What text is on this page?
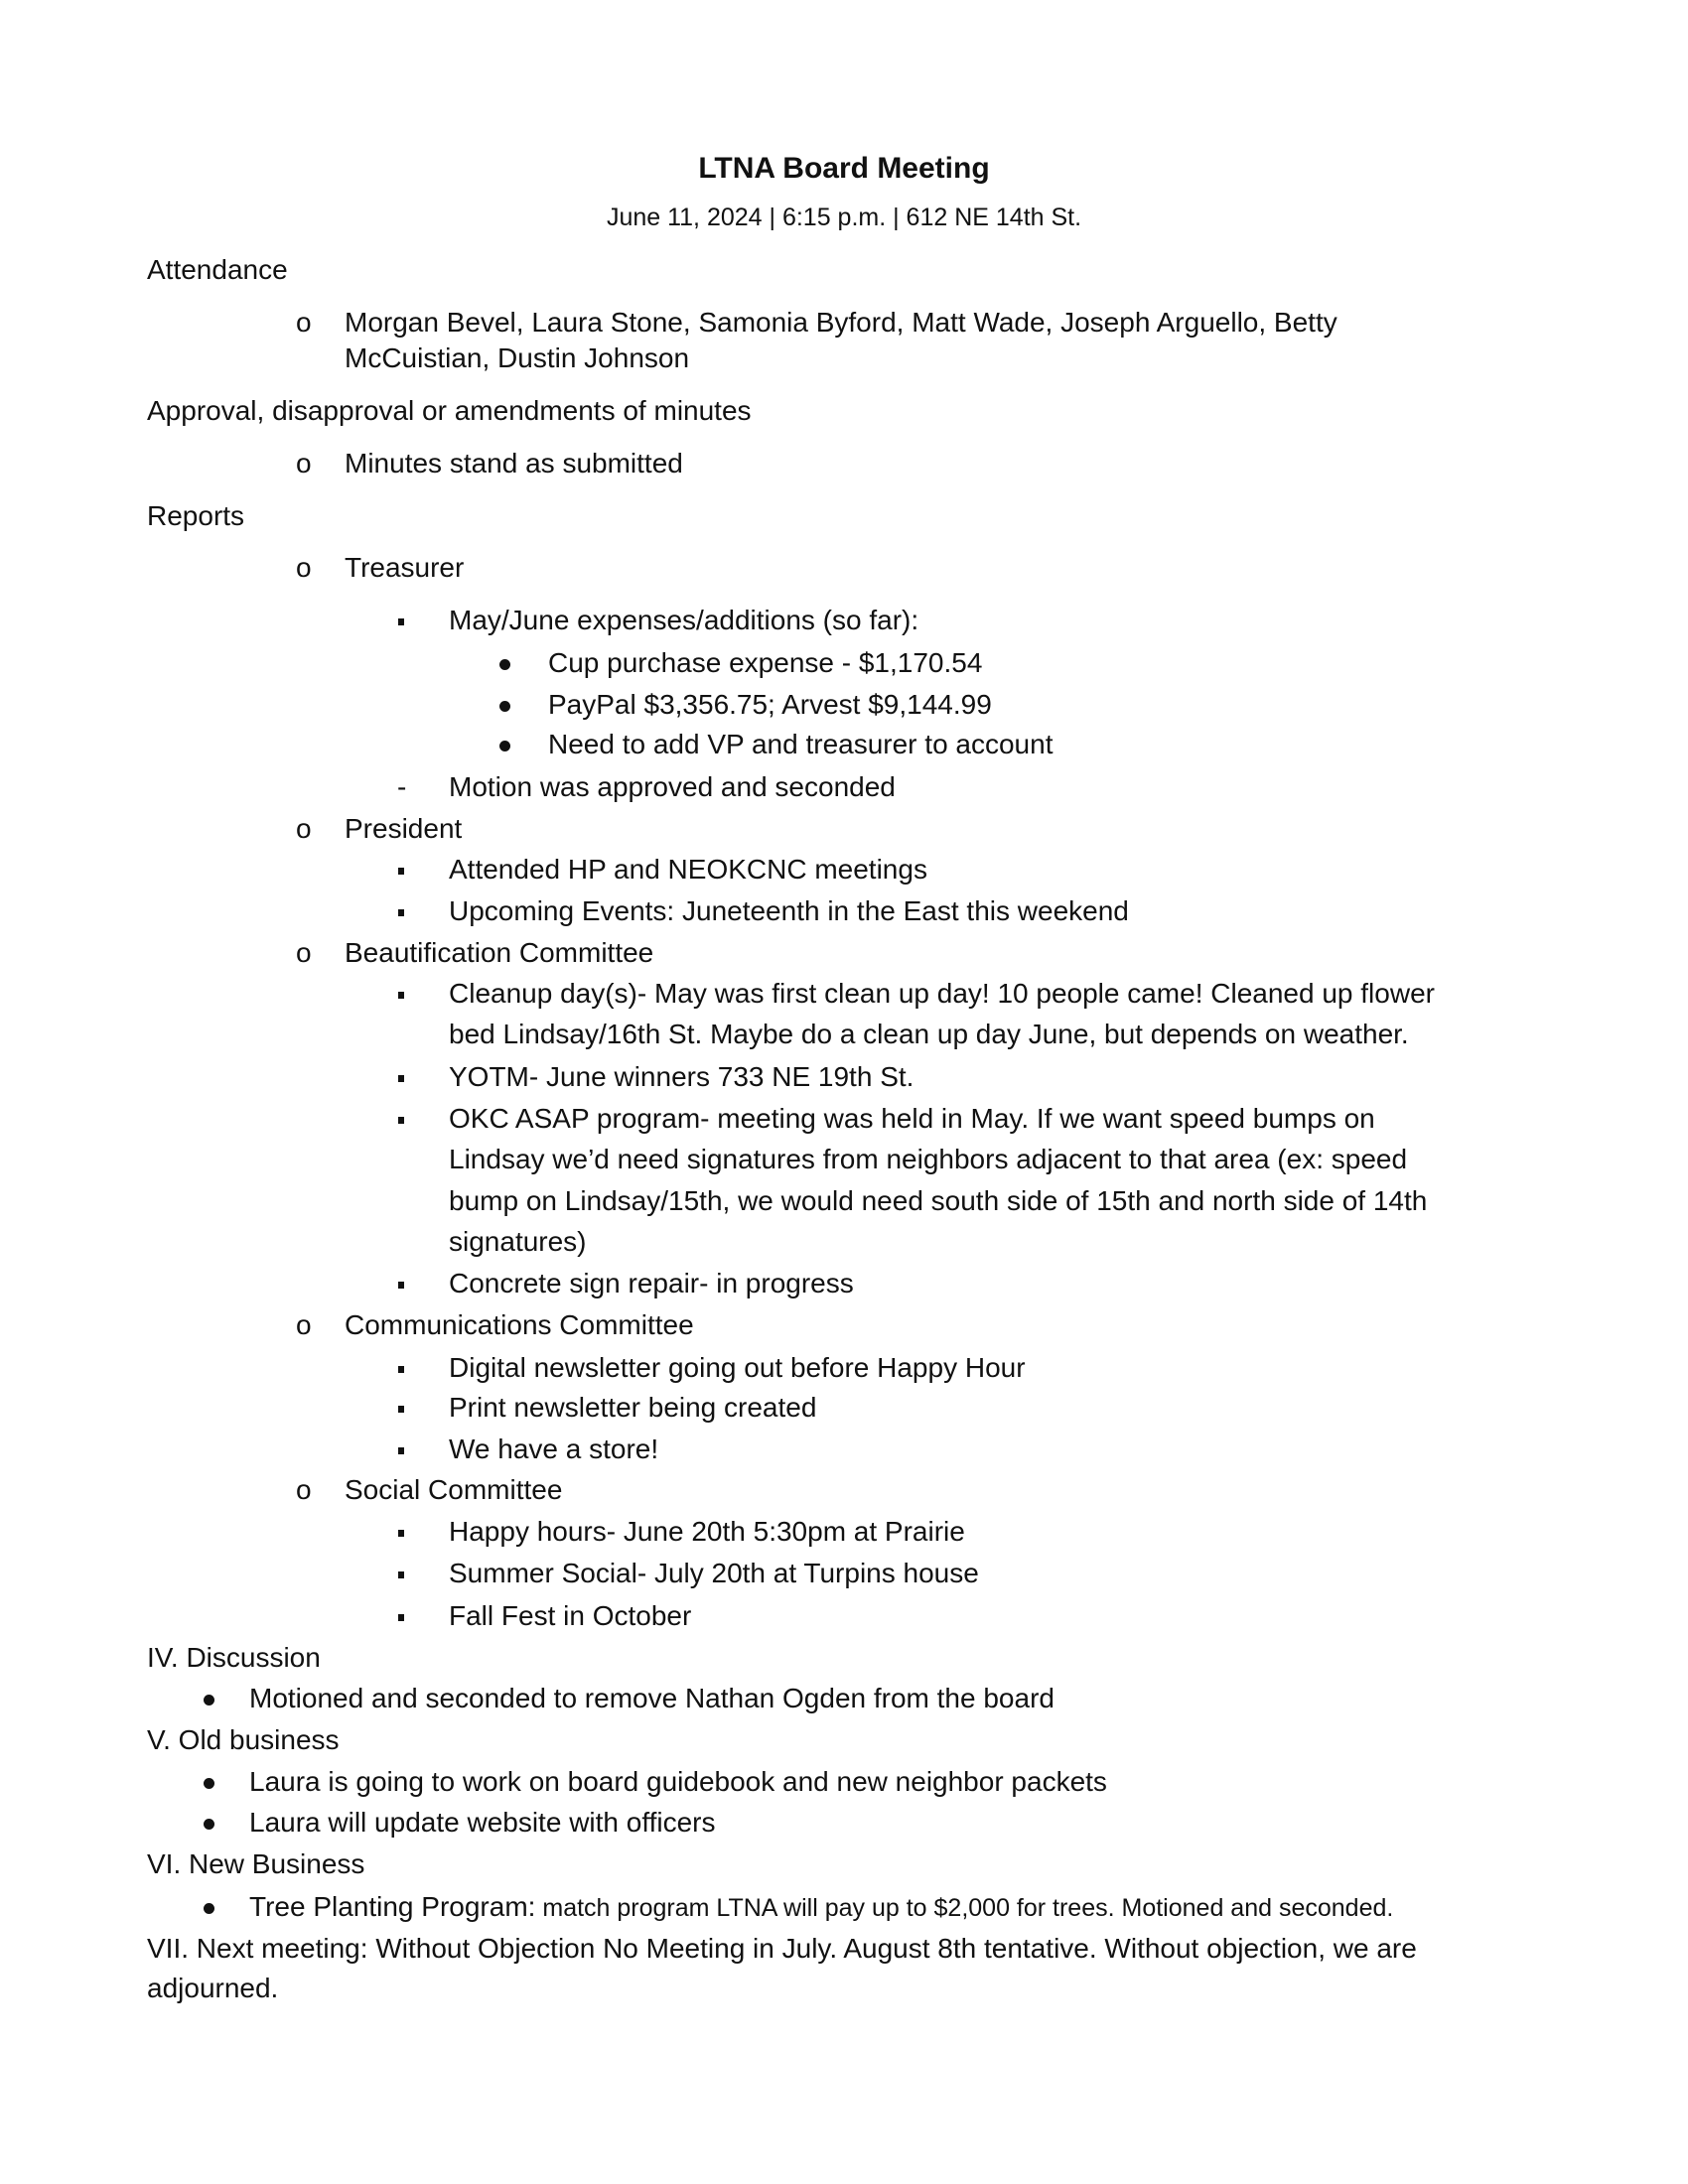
LTNA Board Meeting
June 11, 2024 | 6:15 p.m. | 612 NE 14th St.
Attendance
o Morgan Bevel, Laura Stone, Samonia Byford, Matt Wade, Joseph Arguello, Betty
McCuistian, Dustin Johnson
Approval, disapproval or amendments of minutes
o Minutes stand as submitted
Reports
o Treasurer
May/June expenses/additions (so far):
Cup purchase expense - $1,170.54
PayPal $3,356.75; Arvest $9,144.99
Need to add VP and treasurer to account
- Motion was approved and seconded
o President
Attended HP and NEOKCNC meetings
Upcoming Events: Juneteenth in the East this weekend
o Beautification Committee
Cleanup day(s)- May was first clean up day! 10 people came! Cleaned up flower
bed Lindsay/16th St. Maybe do a clean up day June, but depends on weather.
YOTM- June winners 733 NE 19th St.
OKC ASAP program- meeting was held in May. If we want speed bumps on
Lindsay we’d need signatures from neighbors adjacent to that area (ex: speed
bump on Lindsay/15th, we would need south side of 15th and north side of 14th
signatures)
Concrete sign repair- in progress
o Communications Committee
Digital newsletter going out before Happy Hour
Print newsletter being created
We have a store!
o Social Committee
Happy hours- June 20th 5:30pm at Prairie
Summer Social- July 20th at Turpins house
Fall Fest in October
IV. Discussion
Motioned and seconded to remove Nathan Ogden from the board
V. Old business
Laura is going to work on board guidebook and new neighbor packets
Laura will update website with officers
VI. New Business
Tree Planting Program: match program LTNA will pay up to $2,000 for trees. Motioned and seconded.
VII. Next meeting: Without Objection No Meeting in July. August 8th tentative. Without objection, we are
adjourned.
